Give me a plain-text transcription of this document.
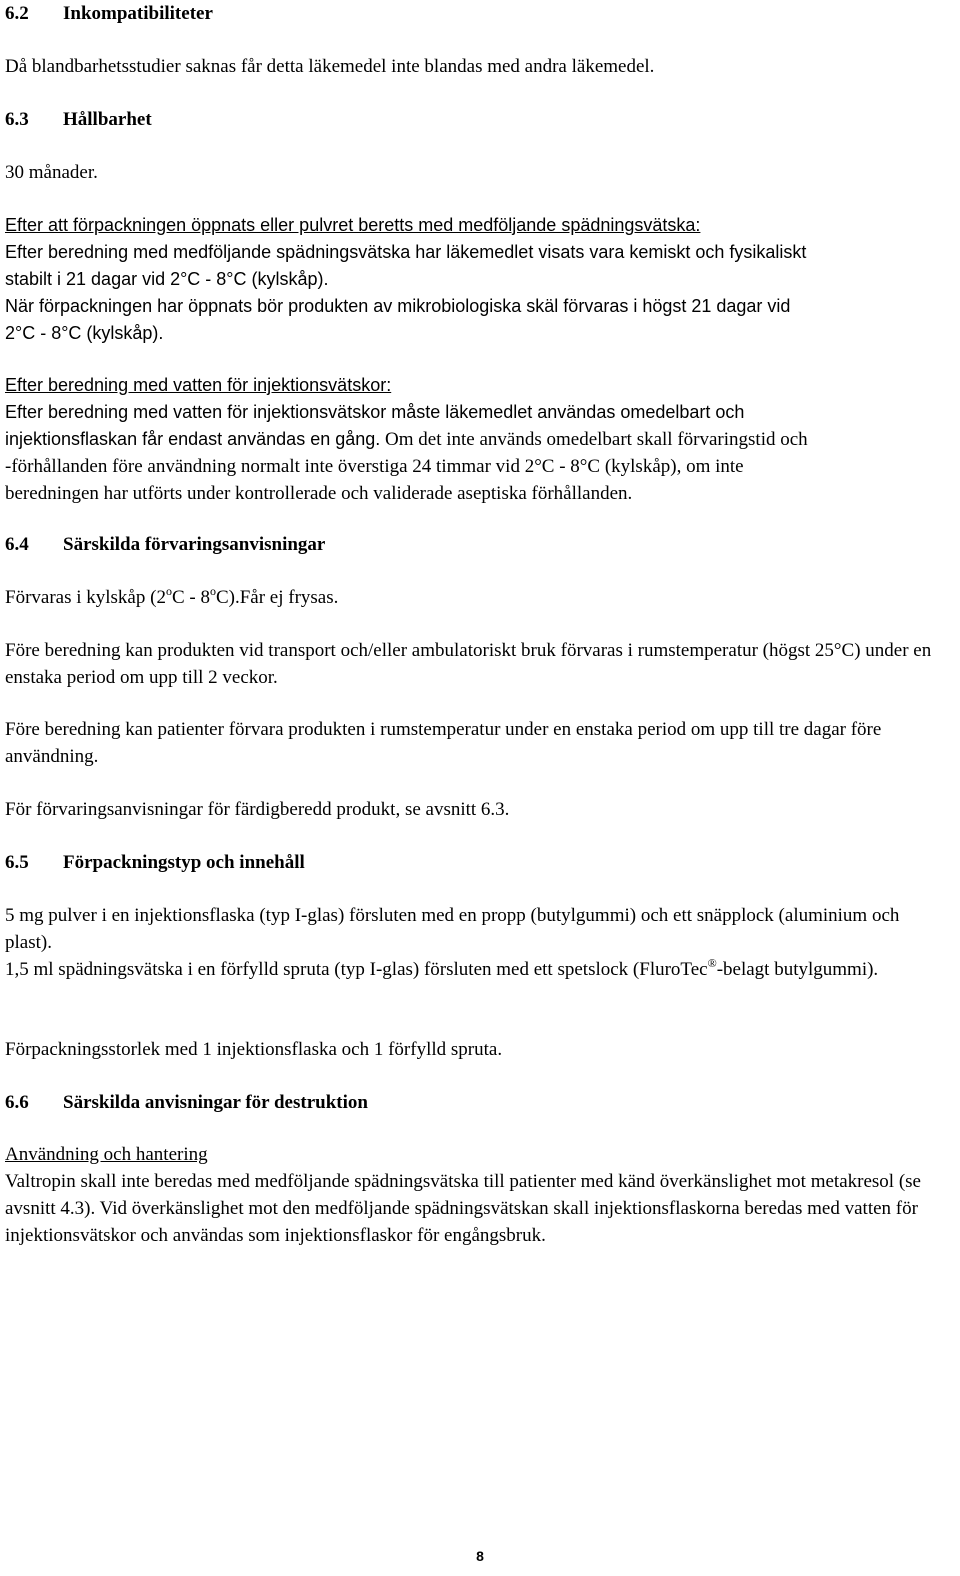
6.2	Inkompatibiliteter

Då blandbarhetsstudier saknas får detta läkemedel inte blandas med andra läkemedel.

6.3	Hållbarhet

30 månader.

Efter att förpackningen öppnats eller pulvret beretts med medföljande spädningsvätska:

Efter beredning med medföljande spädningsvätska har läkemedlet visats vara kemiskt och fysikaliskt

stabilt i 21 dagar vid 2°C - 8°C (kylskåp).

När förpackningen har öppnats bör produkten av mikrobiologiska skäl förvaras i högst 21 dagar vid

2°C - 8°C (kylskåp).

Efter beredning med vatten för injektionsvätskor:

Efter beredning med vatten för injektionsvätskor måste läkemedlet användas omedelbart och

injektionsflaskan får endast användas en gång. Om det inte används omedelbart skall förvaringstid och

-förhållanden före användning normalt inte överstiga 24 timmar vid 2°C - 8°C (kylskåp), om inte

beredningen har utförts under kontrollerade och validerade aseptiska förhållanden.

6.4	Särskilda förvaringsanvisningar

Förvaras i kylskåp (2$^o$C - 8$^o$C).Får ej frysas.

Före beredning kan produkten vid transport och/eller ambulatoriskt bruk förvaras i rumstemperatur (högst 25°C) under en enstaka period om upp till 2 veckor.

Före beredning kan patienter förvara produkten i rumstemperatur under en enstaka period om upp till tre dagar före användning.

För förvaringsanvisningar för färdigberedd produkt, se avsnitt 6.3.

6.5	Förpackningstyp och innehåll

5 mg pulver i en injektionsflaska (typ I-glas) försluten med en propp (butylgummi) och ett snäpplock (aluminium och plast).

1,5 ml spädningsvätska i en förfylld spruta (typ I-glas) försluten med ett spetslock (FluroTec®-belagt butylgummi).

Förpackningsstorlek med 1 injektionsflaska och 1 förfylld spruta.

6.6	Särskilda anvisningar för destruktion

Användning och hantering

Valtropin skall inte beredas med medföljande spädningsvätska till patienter med känd överkänslighet mot metakresol (se avsnitt 4.3). Vid överkänslighet mot den medföljande spädningsvätskan skall injektionsflaskorna beredas med vatten för injektionsvätskor och användas som injektionsflaskor för engångsbruk.

8
